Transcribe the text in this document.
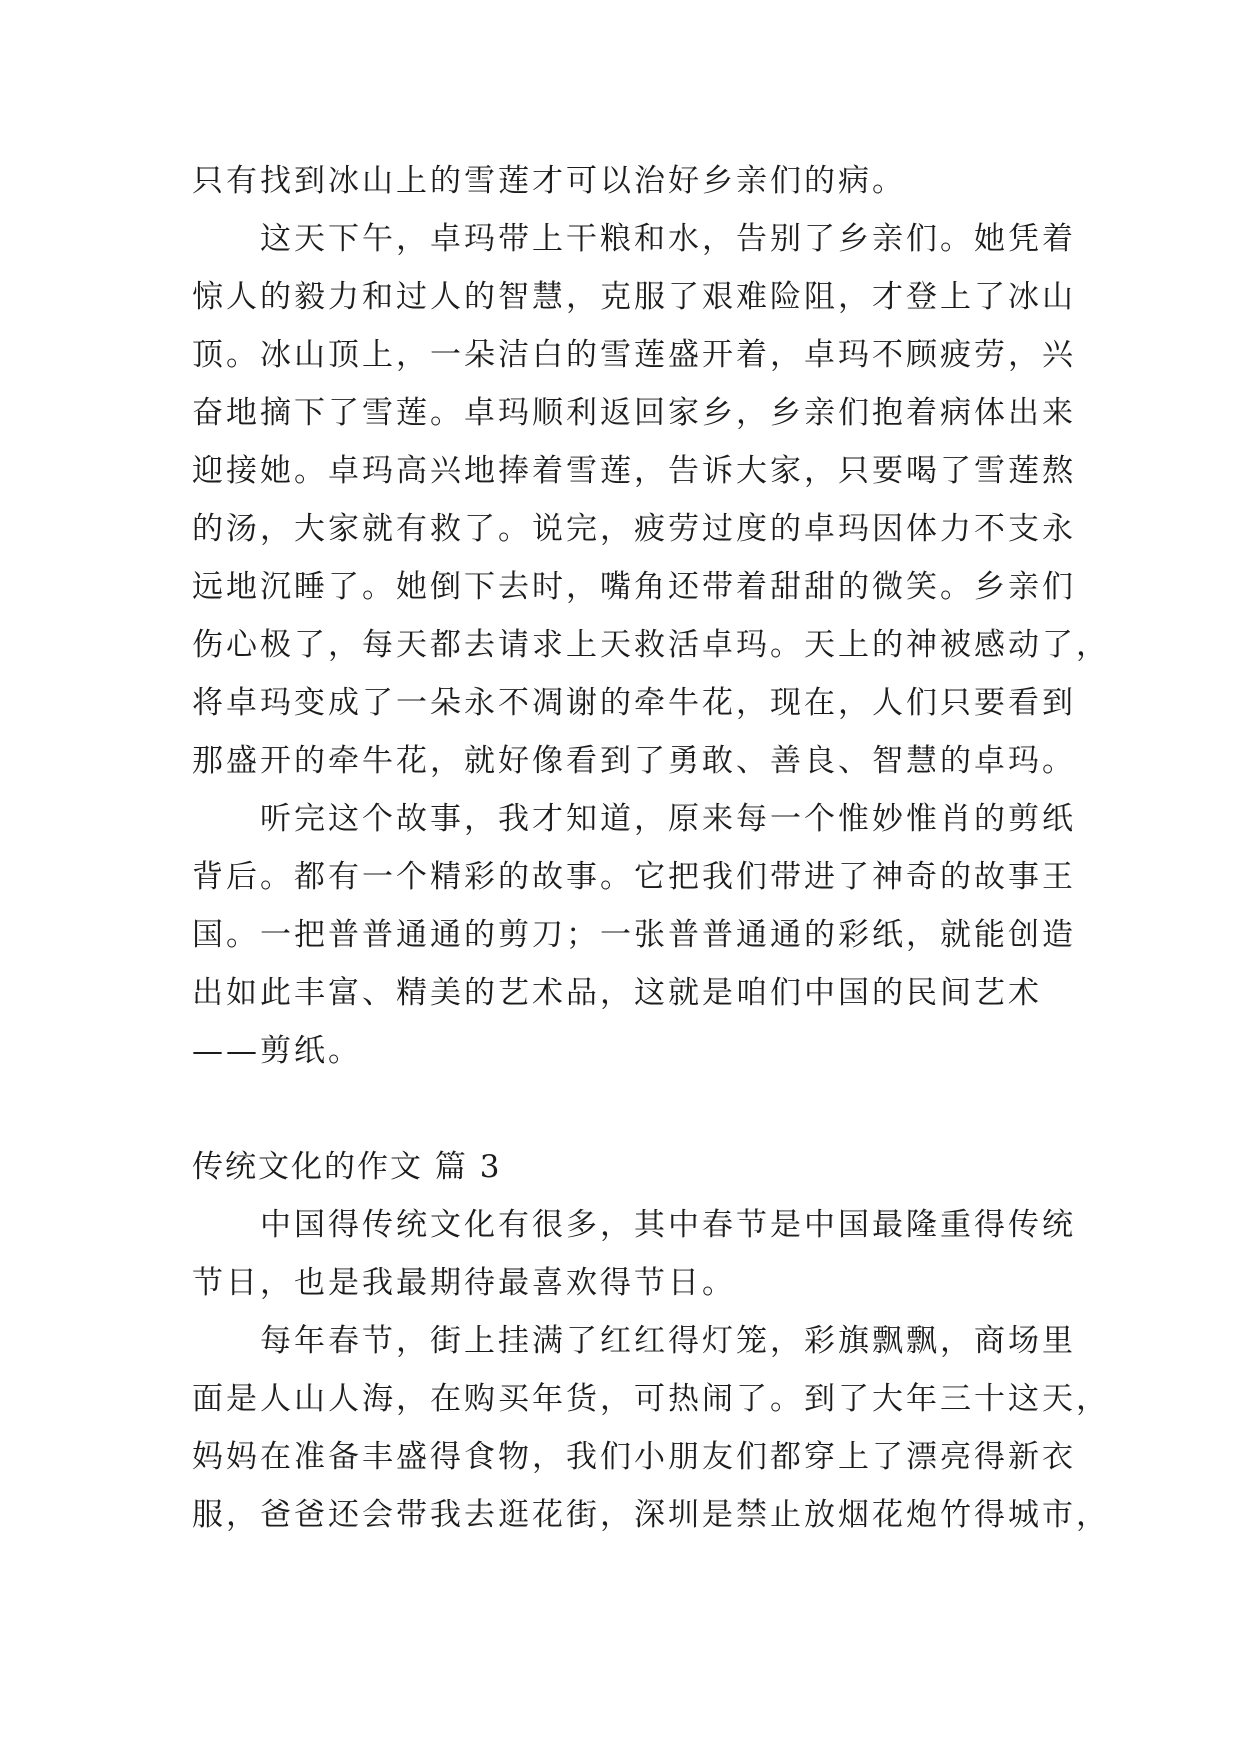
只有找到冰山上的雪莲才可以治好乡亲们的病。
这天下午，卓玛带上干粮和水，告别了乡亲们。她凭着
惊人的毅力和过人的智慧，克服了艰难险阻，才登上了冰山
顶。冰山顶上，一朵洁白的雪莲盛开着，卓玛不顾疲劳，兴
奋地摘下了雪莲。卓玛顺利返回家乡，乡亲们抱着病体出来
迎接她。卓玛高兴地捧着雪莲，告诉大家，只要喝了雪莲熬
的汤，大家就有救了。说完，疲劳过度的卓玛因体力不支永
远地沉睡了。她倒下去时，嘴角还带着甜甜的微笑。乡亲们
伤心极了，每天都去请求上天救活卓玛。天上的神被感动了，
将卓玛变成了一朵永不凋谢的牵牛花，现在，人们只要看到
那盛开的牵牛花，就好像看到了勇敢、善良、智慧的卓玛。
听完这个故事，我才知道，原来每一个惟妙惟肖的剪纸
背后。都有一个精彩的故事。它把我们带进了神奇的故事王
国。一把普普通通的剪刀；一张普普通通的彩纸，就能创造
出如此丰富、精美的艺术品，这就是咱们中国的民间艺术
——剪纸。
传统文化的作文 篇 3
中国得传统文化有很多，其中春节是中国最隆重得传统
节日，也是我最期待最喜欢得节日。
每年春节，街上挂满了红红得灯笼，彩旗飘飘，商场里
面是人山人海，在购买年货，可热闹了。到了大年三十这天，
妈妈在准备丰盛得食物，我们小朋友们都穿上了漂亮得新衣
服，爸爸还会带我去逛花街，深圳是禁止放烟花炮竹得城市，
